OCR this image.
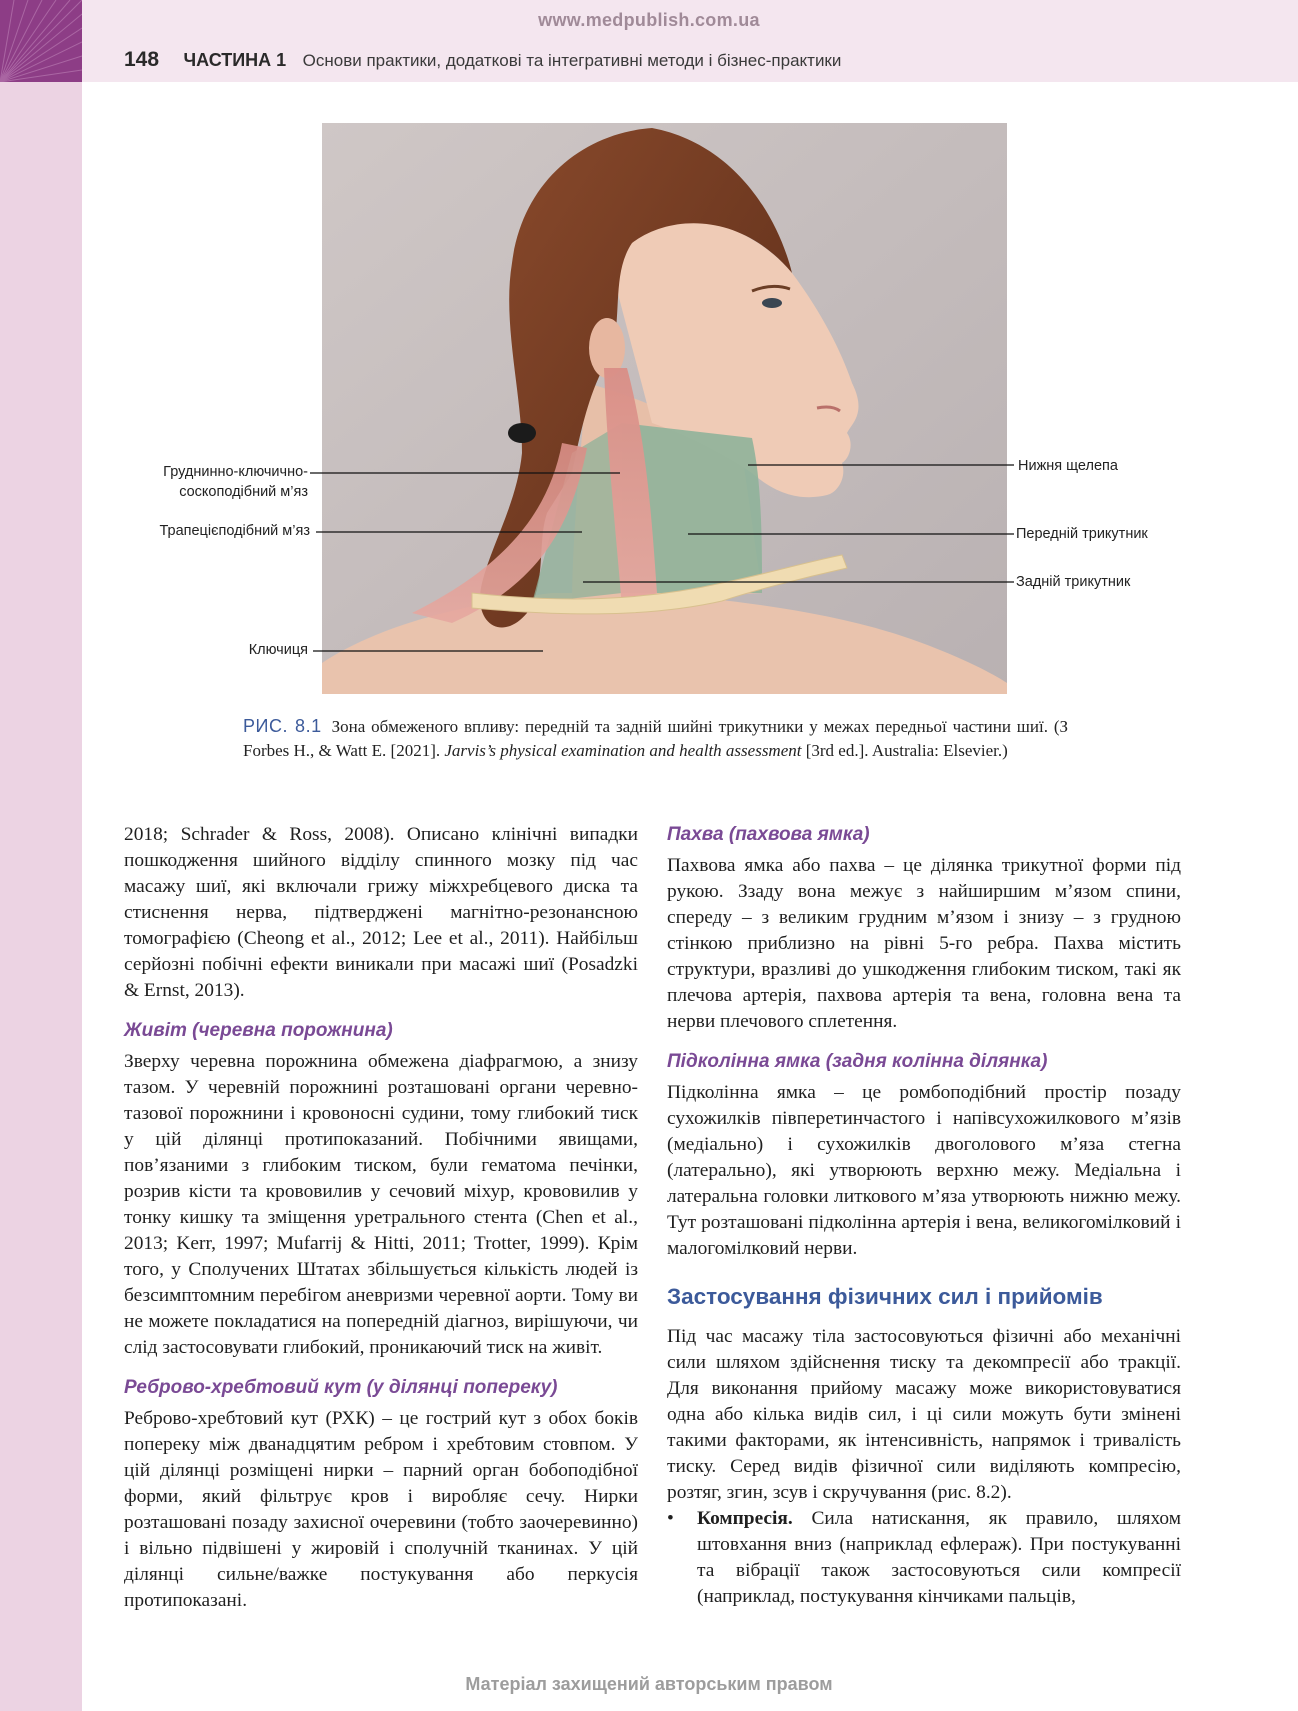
www.medpublish.com.ua
148 ЧАСТИНА 1 Основи практики, додаткові та інтегративні методи і бізнес-практики
Груднинно-ключично-
соскоподібний м’яз
Трапецієподібний м’яз
Ключиця
Нижня щелепа
Передній трикутник
Задній трикутник
РИС. 8.1 Зона обмеженого впливу: передній та задній шийні трикутники у межах передньої частини шиї. (З Forbes H., & Watt E. [2021]. Jarvis’s physical examination and health assessment [3rd ed.]. Australia: Elsevier.)

2018; Schrader & Ross, 2008). Описано клінічні випадки пошкодження шийного відділу спинного мозку під час масажу шиї, які включали грижу міжхребцевого диска та стиснення нерва, підтверджені магнітно-резонансною томографією (Cheong et al., 2012; Lee et al., 2011). Найбільш серйозні побічні ефекти виникали при масажі шиї (Posadzki & Ernst, 2013).

Живіт (черевна порожнина)

Зверху черевна порожнина обмежена діафрагмою, а знизу тазом. У черевній порожнині розташовані органи черевно-тазової порожнини і кровоносні судини, тому глибокий тиск у цій ділянці протипоказаний. Побічними явищами, пов’язаними з глибоким тиском, були гематома печінки, розрив кісти та крововилив у сечовий міхур, крововилив у тонку кишку та зміщення уретрального стента (Chen et al., 2013; Kerr, 1997; Mufarrij & Hitti, 2011; Trotter, 1999). Крім того, у Сполучених Штатах збільшується кількість людей із безсимптомним перебігом аневризми черевної аорти. Тому ви не можете покладатися на попередній діагноз, вирішуючи, чи слід застосовувати глибокий, проникаючий тиск на живіт.

Реброво-хребтовий кут (у ділянці попереку)

Реброво-хребтовий кут (РХК) – це гострий кут з обох боків попереку між дванадцятим ребром і хребтовим стовпом. У цій ділянці розміщені нирки – парний орган бобоподібної форми, який фільтрує кров і виробляє сечу. Нирки розташовані позаду захисної очеревини (тобто заочеревинно) і вільно підвішені у жировій і сполучній тканинах. У цій ділянці сильне/важке постукування або перкусія протипоказані.

Пахва (пахвова ямка)

Пахвова ямка або пахва – це ділянка трикутної форми під рукою. Ззаду вона межує з найширшим м’язом спини, спереду – з великим грудним м’язом і знизу – з грудною стінкою приблизно на рівні 5-го ребра. Пахва містить структури, вразливі до ушкодження глибоким тиском, такі як плечова артерія, пахвова артерія та вена, головна вена та нерви плечового сплетення.

Підколінна ямка (задня колінна ділянка)

Підколінна ямка – це ромбоподібний простір позаду сухожилків півперетинчастого і напівсухожилкового м’язів (медіально) і сухожилків двоголового м’яза стегна (латерально), які утворюють верхню межу. Медіальна і латеральна головки литкового м’яза утворюють нижню межу. Тут розташовані підколінна артерія і вена, великогомілковий і малогомілковий нерви.

Застосування фізичних сил і прийомів

Під час масажу тіла застосовуються фізичні або механічні сили шляхом здійснення тиску та декомпресії або тракції. Для виконання прийому масажу може використовуватися одна або кілька видів сил, і ці сили можуть бути змінені такими факторами, як інтенсивність, напрямок і тривалість тиску. Серед видів фізичної сили виділяють компресію, розтяг, згин, зсув і скручування (рис. 8.2).

•	Компресія. Сила натискання, як правило, шляхом штовхання вниз (наприклад ефлераж). При постукуванні та вібрації також застосовуються сили компресії (наприклад, постукування кінчиками пальців,
Матеріал захищений авторським правом
